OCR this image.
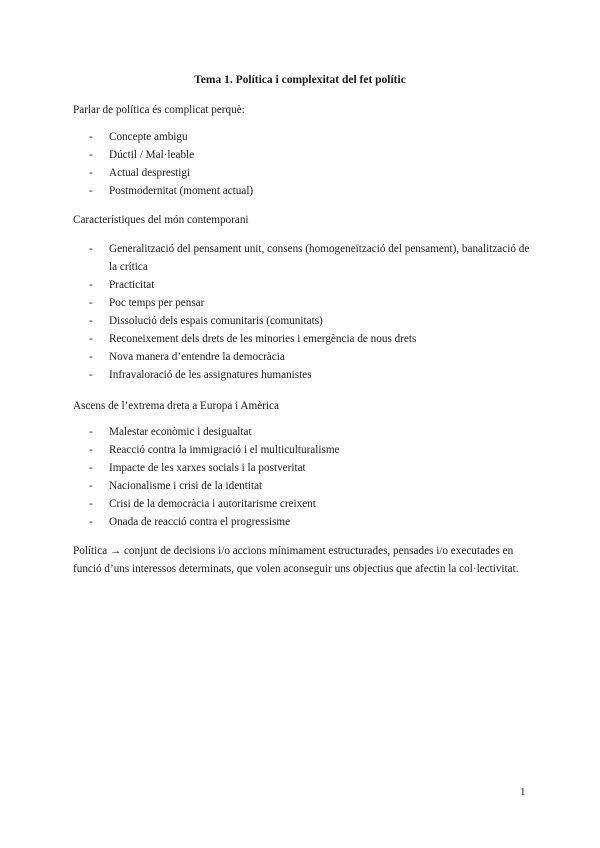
Tema 1. Política i complexitat del fet polític
Parlar de política és complicat perquè:
- Concepte ambigu
- Dúctil / Mal·leable
- Actual desprestigi
- Postmodernitat (moment actual)
Característiques del món contemporani
- Generalització del pensament unit, consens (homogeneïtzació del pensament), banalització de la crítica
- Practicitat
- Poc temps per pensar
- Dissolució dels espais comunitaris (comunitats)
- Reconeixement dels drets de les minories i emergència de nous drets
- Nova manera d’entendre la democràcia
- Infravaloració de les assignatures humanistes
Ascens de l’extrema dreta a Europa i Amèrica
- Malestar econòmic i desigualtat
- Reacció contra la immigració i el multiculturalisme
- Impacte de les xarxes socials i la postveritat
- Nacionalisme i crisi de la identitat
- Crisi de la democràcia i autoritarisme creixent
- Onada de reacció contra el progressisme
Política → conjunt de decisions i/o accions mínimament estructurades, pensades i/o executades en funció d’uns interessos determinats, que volen aconseguir uns objectius que afectin la col·lectivitat.
1
